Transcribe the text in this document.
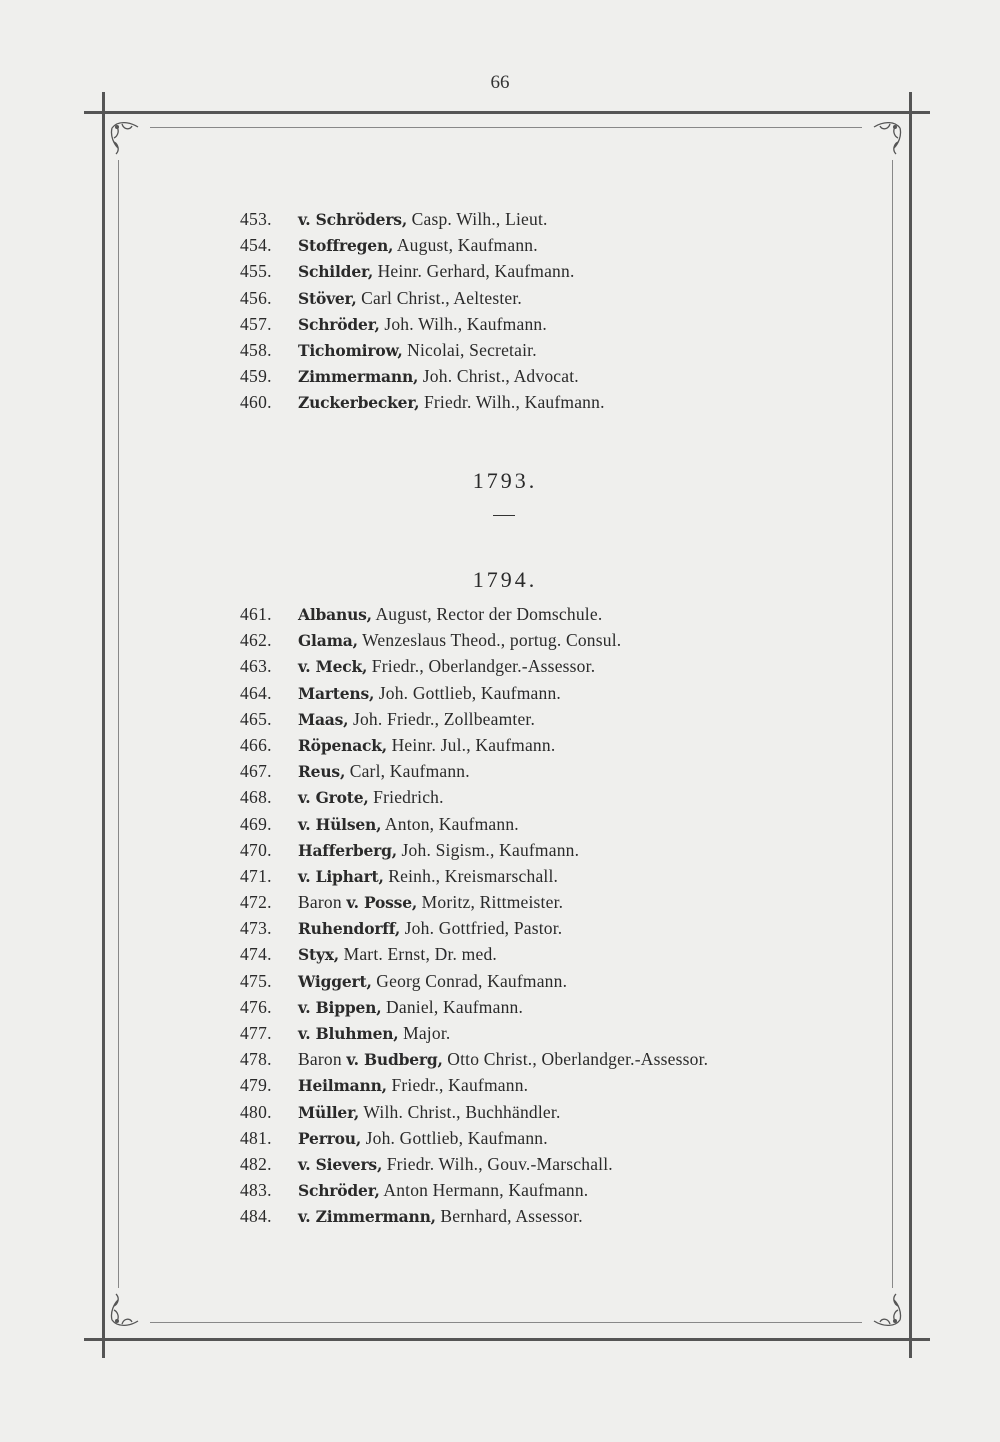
66
453. v. Schröders, Casp. Wilh., Lieut.
454. Stoffregen, August, Kaufmann.
455. Schilder, Heinr. Gerhard, Kaufmann.
456. Stöver, Carl Christ., Aeltester.
457. Schröder, Joh. Wilh., Kaufmann.
458. Tichomirow, Nicolai, Secretair.
459. Zimmermann, Joh. Christ., Advocat.
460. Zuckerbecker, Friedr. Wilh., Kaufmann.
1793.
1794.
461. Albanus, August, Rector der Domschule.
462. Glama, Wenzeslaus Theod., portug. Consul.
463. v. Meck, Friedr., Oberlandger.-Assessor.
464. Martens, Joh. Gottlieb, Kaufmann.
465. Maas, Joh. Friedr., Zollbeamter.
466. Röpenack, Heinr. Jul., Kaufmann.
467. Reus, Carl, Kaufmann.
468. v. Grote, Friedrich.
469. v. Hülsen, Anton, Kaufmann.
470. Hafferberg, Joh. Sigism., Kaufmann.
471. v. Liphart, Reinh., Kreismarschall.
472. Baron v. Posse, Moritz, Rittmeister.
473. Ruhendorff, Joh. Gottfried, Pastor.
474. Styx, Mart. Ernst, Dr. med.
475. Wiggert, Georg Conrad, Kaufmann.
476. v. Bippen, Daniel, Kaufmann.
477. v. Bluhmen, Major.
478. Baron v. Budberg, Otto Christ., Oberlandger.-Assessor.
479. Heilmann, Friedr., Kaufmann.
480. Müller, Wilh. Christ., Buchhändler.
481. Perrou, Joh. Gottlieb, Kaufmann.
482. v. Sievers, Friedr. Wilh., Gouv.-Marschall.
483. Schröder, Anton Hermann, Kaufmann.
484. v. Zimmermann, Bernhard, Assessor.
